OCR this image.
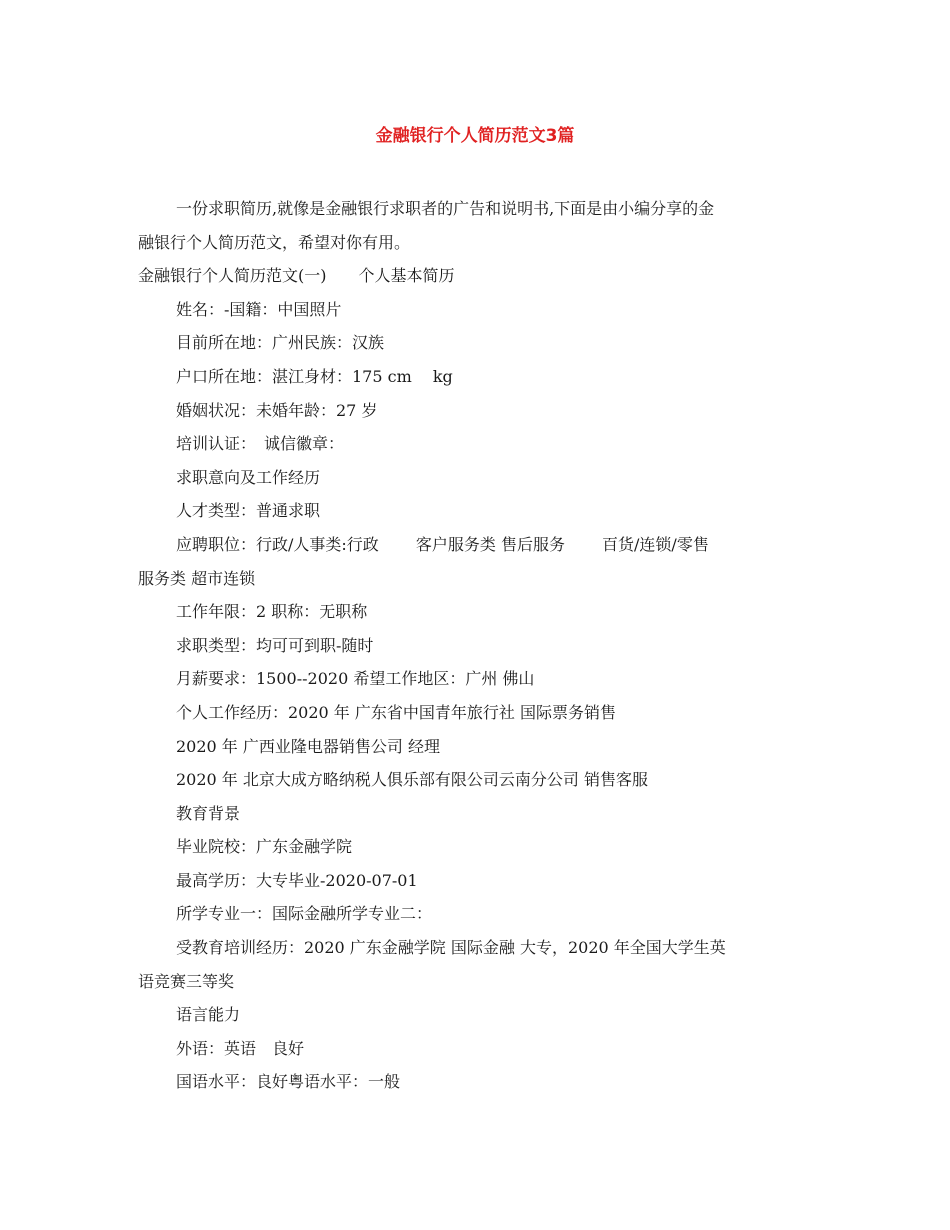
金融银行个人简历范文3篇
一份求职简历,就像是金融银行求职者的广告和说明书,下面是由小编分享的金
融银行个人简历范文，希望对你有用。
金融银行个人简历范文(一)　　个人基本简历
姓名：-国籍：中国照片
目前所在地：广州民族：汉族
户口所在地：湛江身材：175 cm　 kg
婚姻状况：未婚年龄：27 岁
培训认证：　诚信徽章：
求职意向及工作经历
人才类型：普通求职
应聘职位：行政/人事类:行政　　 客户服务类 售后服务　　 百货/连锁/零售
服务类 超市连锁
工作年限：2 职称：无职称
求职类型：均可可到职-随时
月薪要求：1500--2020 希望工作地区：广州 佛山
个人工作经历：2020 年 广东省中国青年旅行社 国际票务销售
2020 年 广西业隆电器销售公司 经理
2020 年 北京大成方略纳税人俱乐部有限公司云南分公司 销售客服
教育背景
毕业院校：广东金融学院
最高学历：大专毕业-2020-07-01
所学专业一：国际金融所学专业二：
受教育培训经历：2020 广东金融学院 国际金融 大专，2020 年全国大学生英
语竞赛三等奖
语言能力
外语：英语　良好
国语水平：良好粤语水平：一般
